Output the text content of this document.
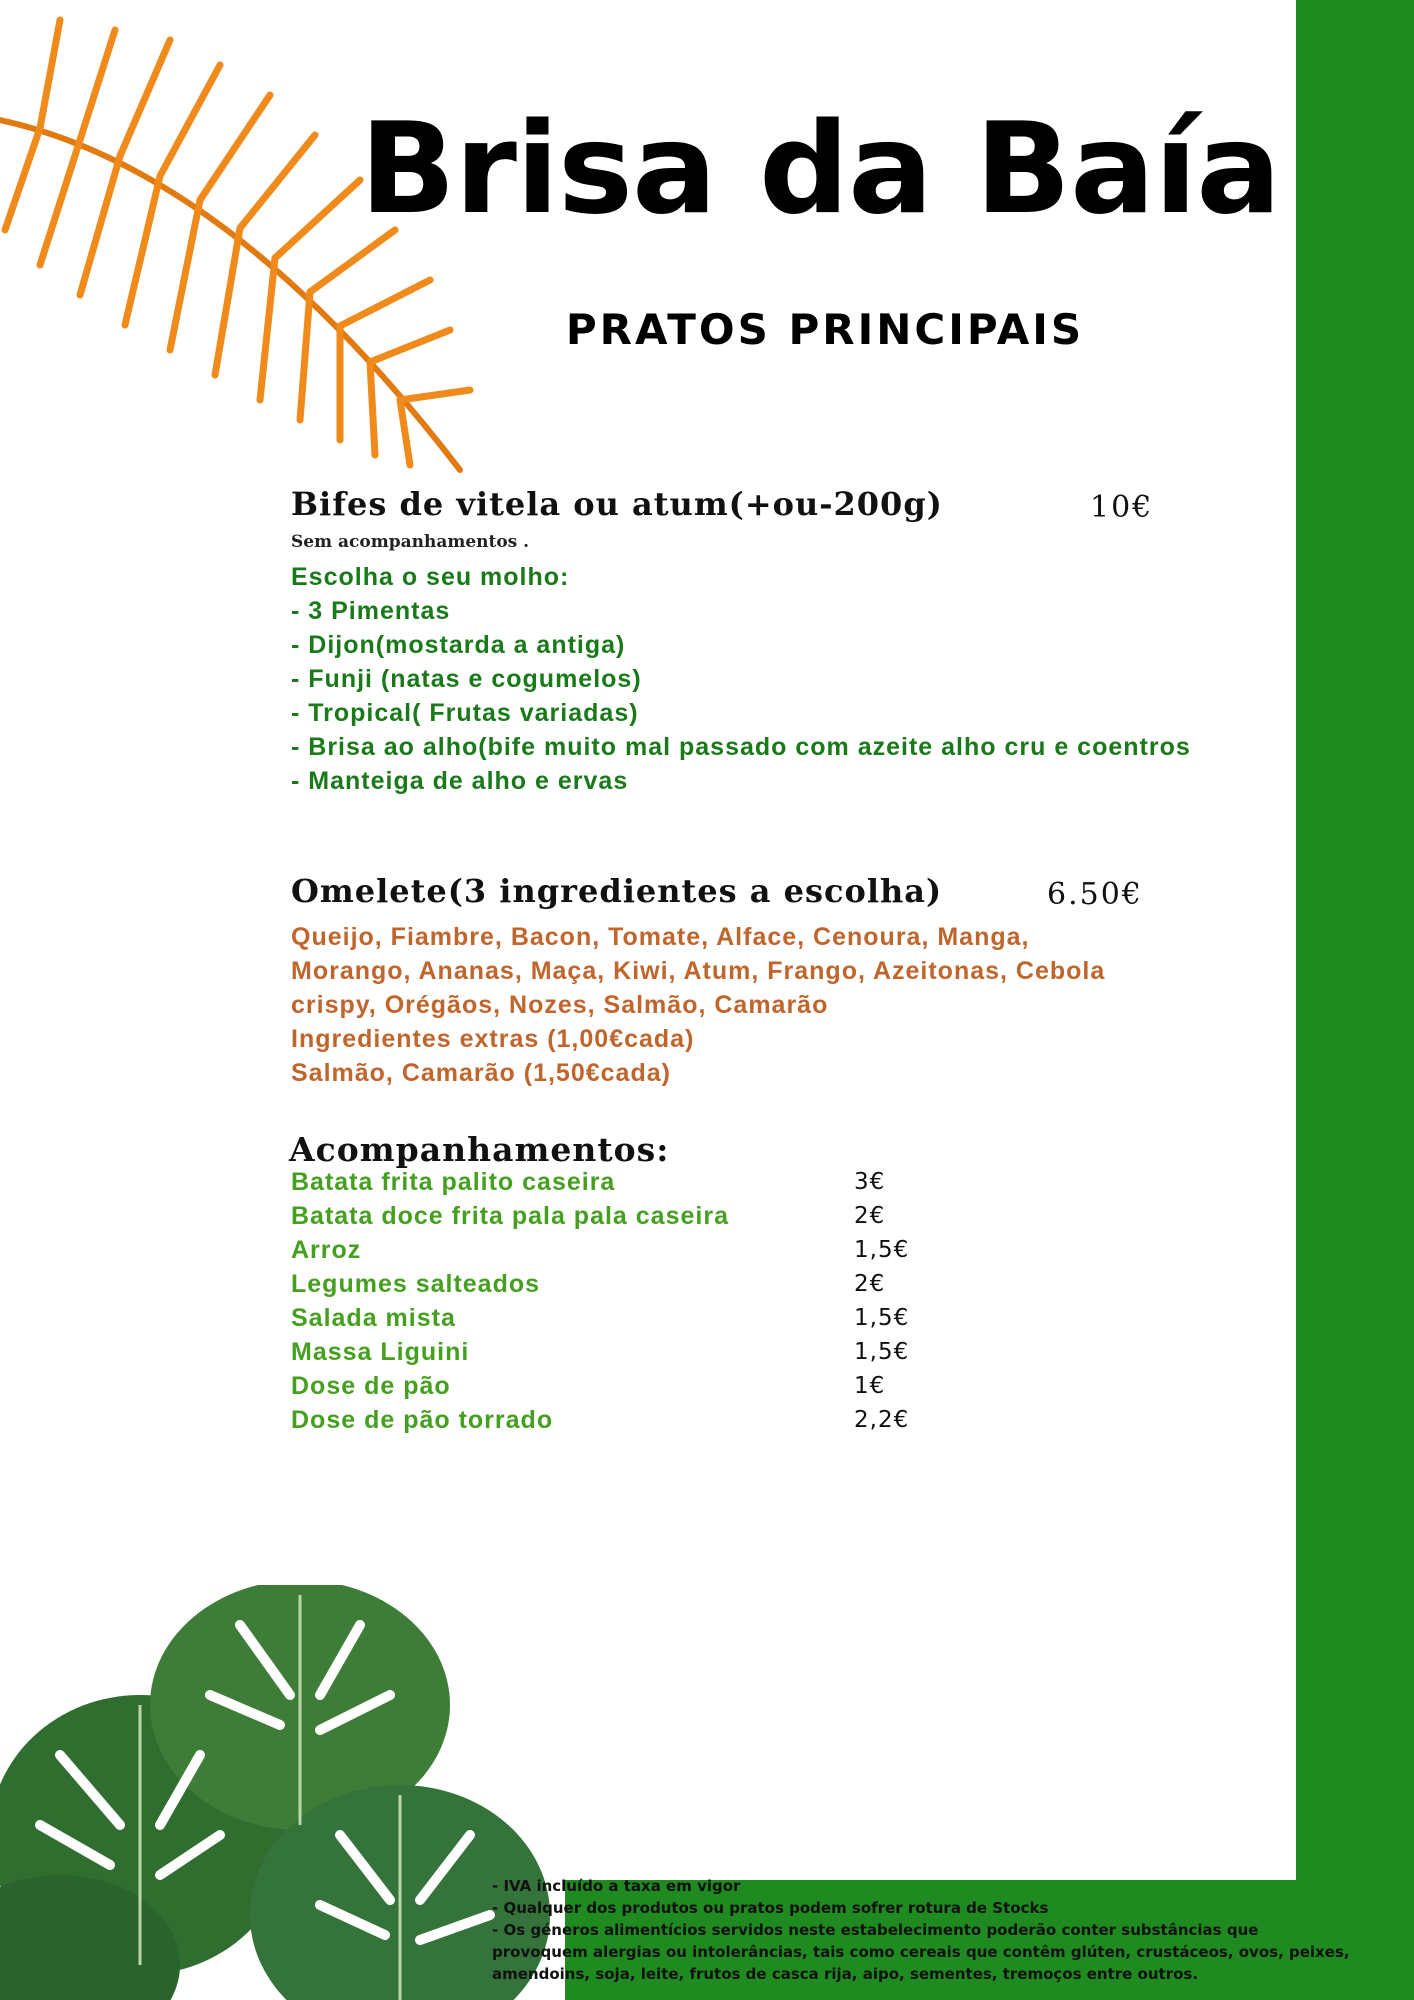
Brisa da Baía
PRATOS PRINCIPAIS
Bifes de vitela ou atum(+ou-200g)	10€
Sem acompanhamentos .
Escolha o seu molho:
- 3 Pimentas
- Dijon(mostarda a antiga)
- Funji (natas e cogumelos)
- Tropical( Frutas variadas)
- Brisa ao alho(bife muito mal passado com azeite alho cru e coentros
- Manteiga de alho e ervas
Omelete(3 ingredientes a escolha)	6.50€
Queijo, Fiambre, Bacon, Tomate, Alface, Cenoura, Manga,
Morango, Ananas, Maça, Kiwi, Atum, Frango, Azeitonas, Cebola
crispy, Orégãos, Nozes, Salmão, Camarão
Ingredientes extras (1,00€cada)
Salmão, Camarão (1,50€cada)
Acompanhamentos:
Batata frita palito caseira	3€
Batata doce frita pala pala caseira	2€
Arroz	1,5€
Legumes salteados	2€
Salada mista	1,5€
Massa Liguini	1,5€
Dose de pão	1€
Dose de pão torrado	2,2€
- IVA incluído a taxa em vigor
- Qualquer dos produtos ou pratos podem sofrer rotura de Stocks
- Os géneros alimentícios servidos neste estabelecimento poderão conter substâncias que
provoquem alergias ou intolerâncias, tais como cereais que contêm glúten, crustáceos, ovos, peixes,
amendoins, soja, leite, frutos de casca rija, aipo, sementes, tremoços entre outros.
